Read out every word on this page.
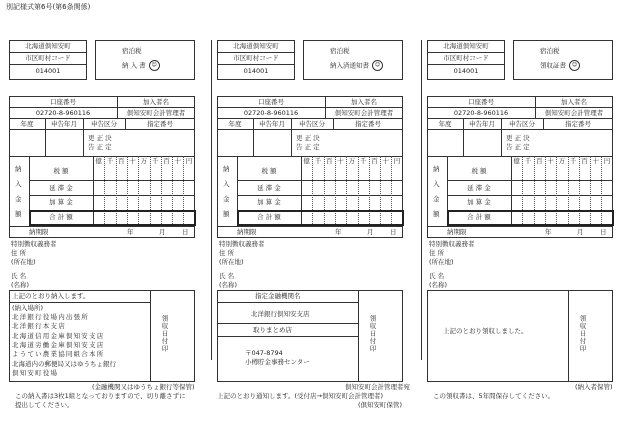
別記様式第6号(第6条関係)
北海道倶知安町
市区町村コード
014001
宿泊税
納 入 書 ☺
口座番号	加入者名
02720-8-960116	倶知安町会計管理者
年度	申告年月	申告区分	指定番号
更 正 決
告 正 定
億 千 百 十 万 千 百 十 円
納
入
金
額
税 額
延 滞 金
加 算 金
合 計 額
納期限	年	月	日
特別徴収義務者
住 所
(所在地)
氏 名
(名称)
領収日付印
上記のとおり納入します。
(納入場所)
北洋銀行役場内出張所
北洋銀行本支店
北海道信用金庫倶知安支店
北海道労働金庫倶知安支店
ようてい農業協同組合本所
北海道内の郵便局又はゆうちょ銀行
倶知安町役場
(金融機関又はゆうちょ銀行等保管)
この納入書は3枚1組となっておりますので、切り離さずに
提出してください。
北海道倶知安町
市区町村コード
014001
宿泊税
納入済通知書 ☺
口座番号	加入者名
02720-8-960116	倶知安町会計管理者
年度	申告年月	申告区分	指定番号
更 正 決
告 正 定
億 千 百 十 万 千 百 十 円
納
入
金
額
税 額
延 滞 金
加 算 金
合 計 額
納期限	年	月	日
特別徴収義務者
住 所
(所在地)
氏 名
(名称)
領収日付印
指定金融機関名
北洋銀行倶知安支店
取りまとめ店
〒047-8794
小樽貯金事務センター
倶知安町会計管理者宛
上記のとおり通知します。(受付店→倶知安町会計管理者)
(倶知安町保管)
北海道倶知安町
市区町村コード
014001
宿泊税
領収証書 ☺
口座番号	加入者名
02720-8-960116	倶知安町会計管理者
年度	申告年月	申告区分	指定番号
更 正 決
告 正 定
億 千 百 十 万 千 百 十 円
納
入
金
額
税 額
延 滞 金
加 算 金
合 計 額
納期限	年	月	日
特別徴収義務者
住 所
(所在地)
氏 名
(名称)
領収日付印
上記のとおり領収しました。
(納入者保管)
この領収書は、5年間保存してください。
